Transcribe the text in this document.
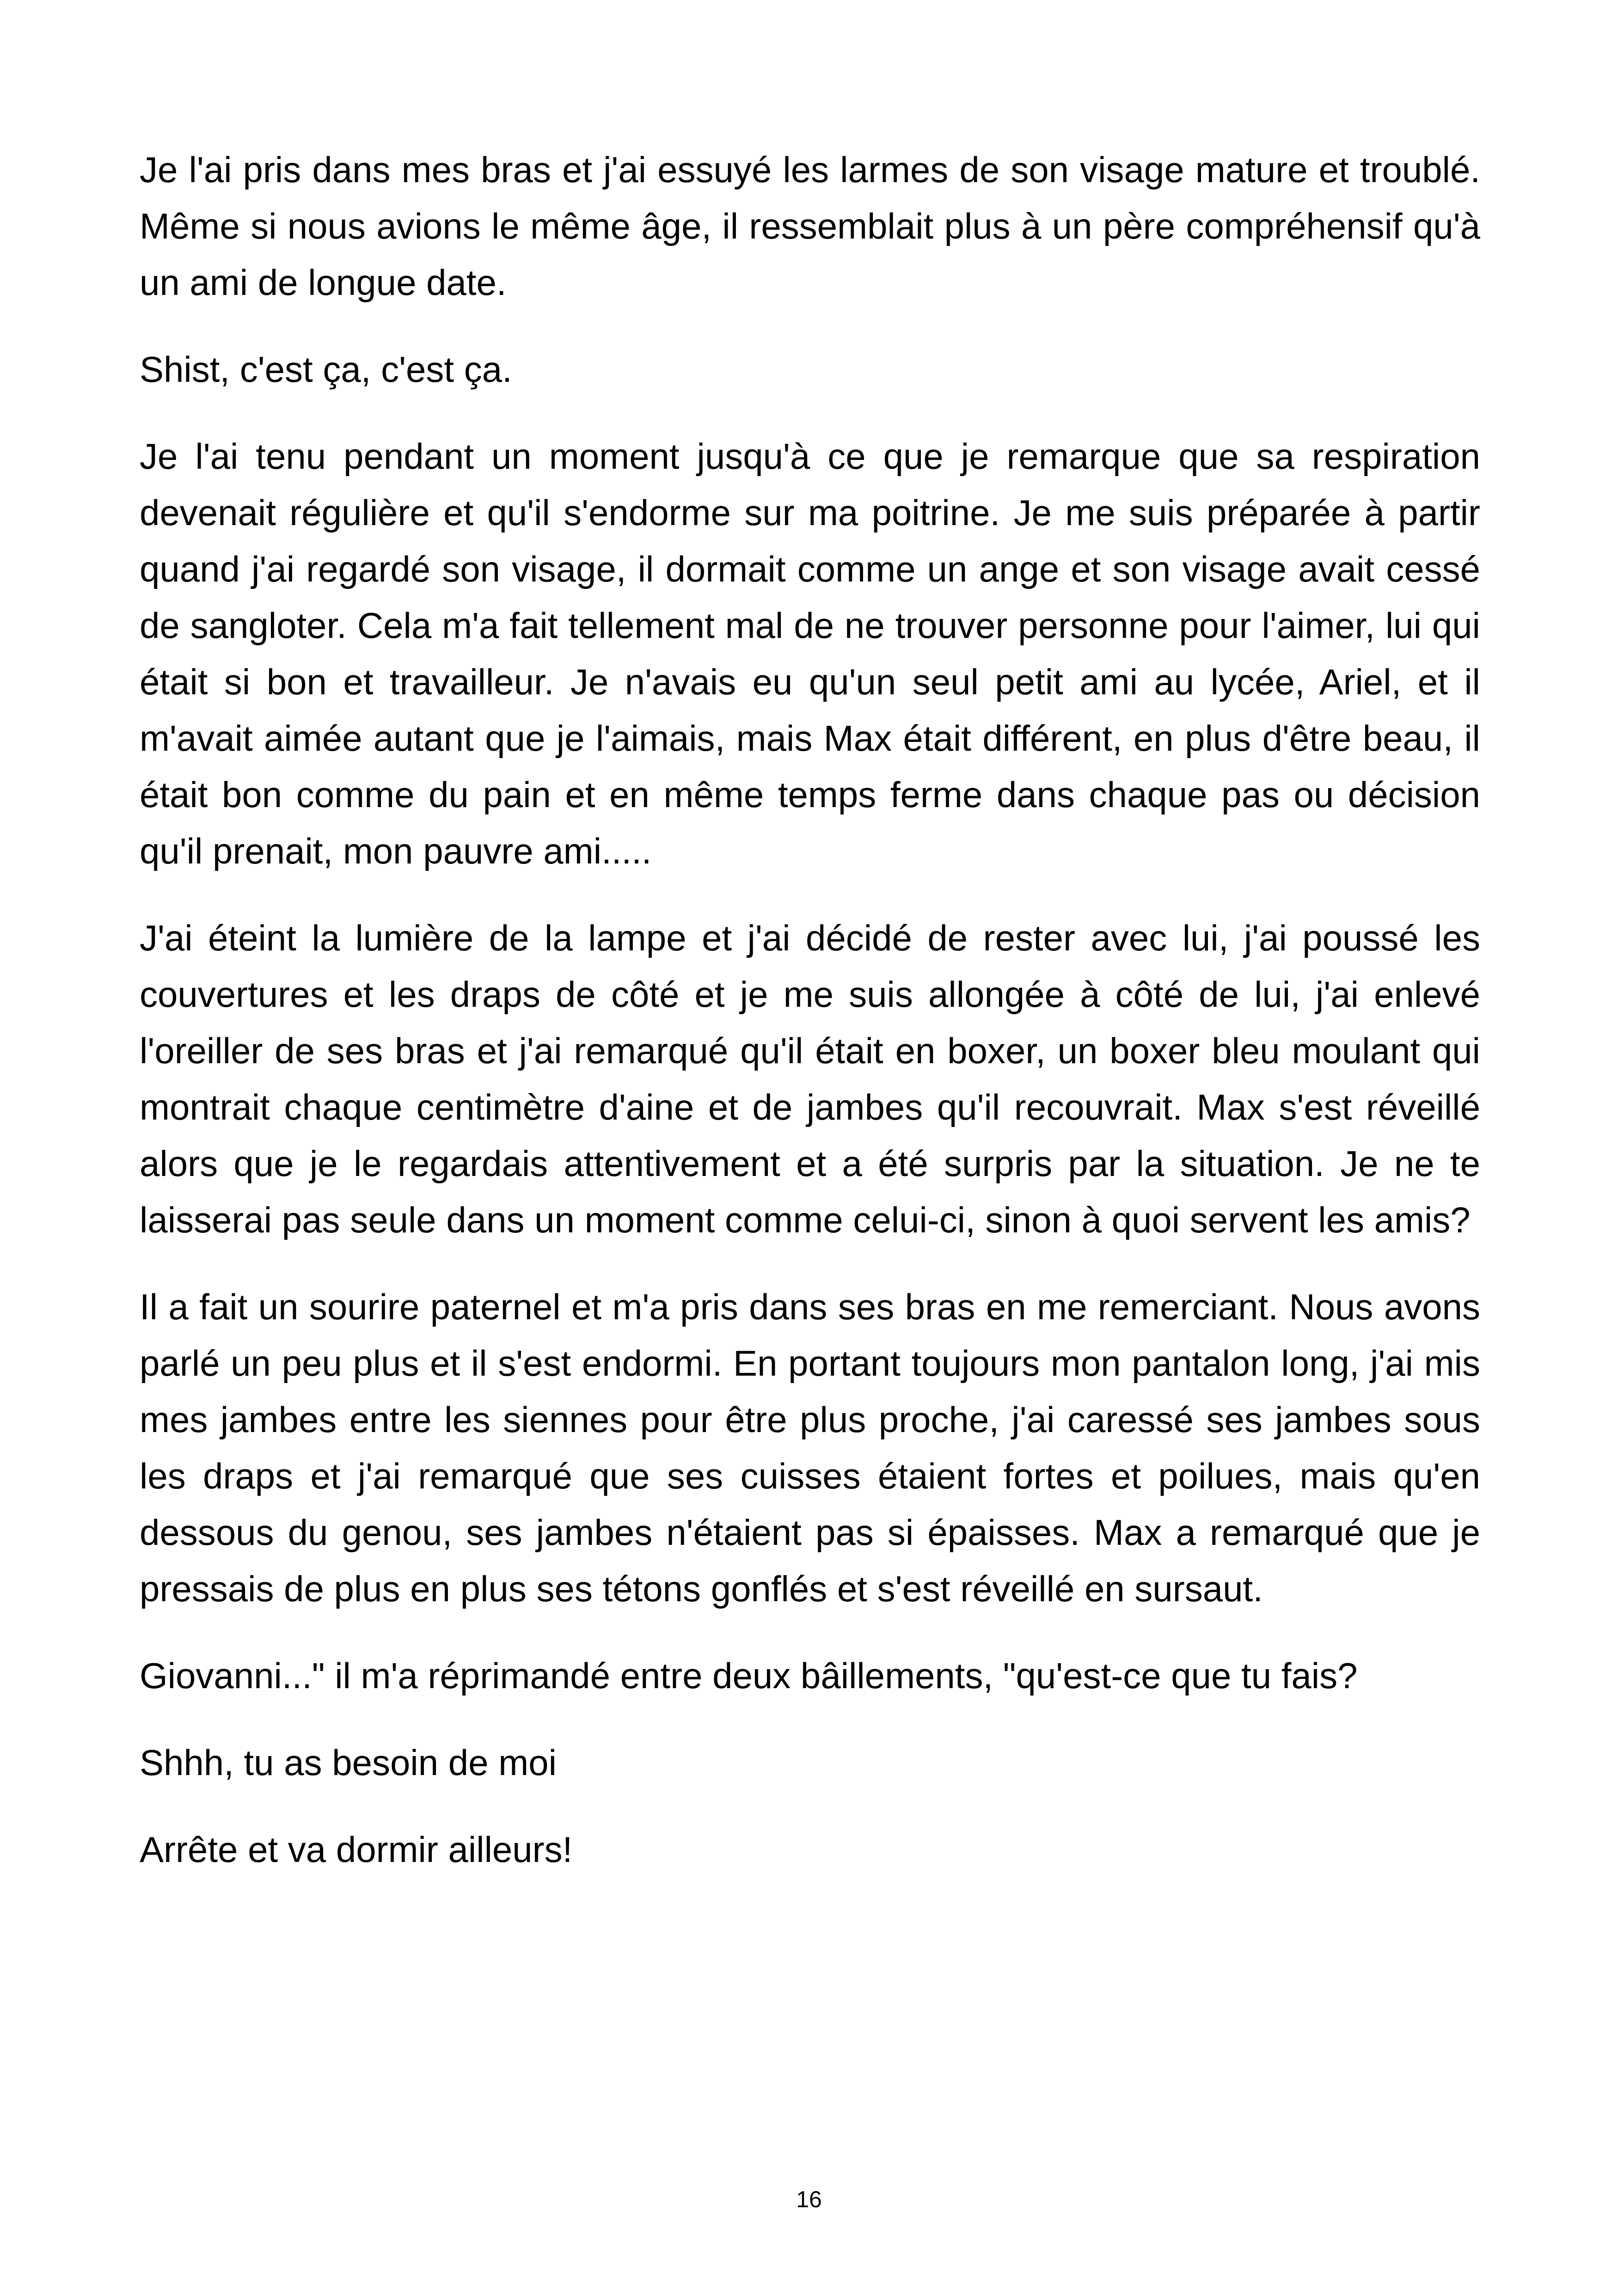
Je l'ai pris dans mes bras et j'ai essuyé les larmes de son visage mature et troublé. Même si nous avions le même âge, il ressemblait plus à un père compréhensif qu'à un ami de longue date.

Shist, c'est ça, c'est ça.

Je l'ai tenu pendant un moment jusqu'à ce que je remarque que sa respiration devenait régulière et qu'il s'endorme sur ma poitrine. Je me suis préparée à partir quand j'ai regardé son visage, il dormait comme un ange et son visage avait cessé de sangloter. Cela m'a fait tellement mal de ne trouver personne pour l'aimer, lui qui était si bon et travailleur. Je n'avais eu qu'un seul petit ami au lycée, Ariel, et il m'avait aimée autant que je l'aimais, mais Max était différent, en plus d'être beau, il était bon comme du pain et en même temps ferme dans chaque pas ou décision qu'il prenait, mon pauvre ami.....

J'ai éteint la lumière de la lampe et j'ai décidé de rester avec lui, j'ai poussé les couvertures et les draps de côté et je me suis allongée à côté de lui, j'ai enlevé l'oreiller de ses bras et j'ai remarqué qu'il était en boxer, un boxer bleu moulant qui montrait chaque centimètre d'aine et de jambes qu'il recouvrait. Max s'est réveillé alors que je le regardais attentivement et a été surpris par la situation. Je ne te laisserai pas seule dans un moment comme celui-ci, sinon à quoi servent les amis?

Il a fait un sourire paternel et m'a pris dans ses bras en me remerciant. Nous avons parlé un peu plus et il s'est endormi. En portant toujours mon pantalon long, j'ai mis mes jambes entre les siennes pour être plus proche, j'ai caressé ses jambes sous les draps et j'ai remarqué que ses cuisses étaient fortes et poilues, mais qu'en dessous du genou, ses jambes n'étaient pas si épaisses. Max a remarqué que je pressais de plus en plus ses tétons gonflés et s'est réveillé en sursaut.

Giovanni..." il m'a réprimandé entre deux bâillements, "qu'est-ce que tu fais?

Shhh, tu as besoin de moi

Arrête et va dormir ailleurs!

16
